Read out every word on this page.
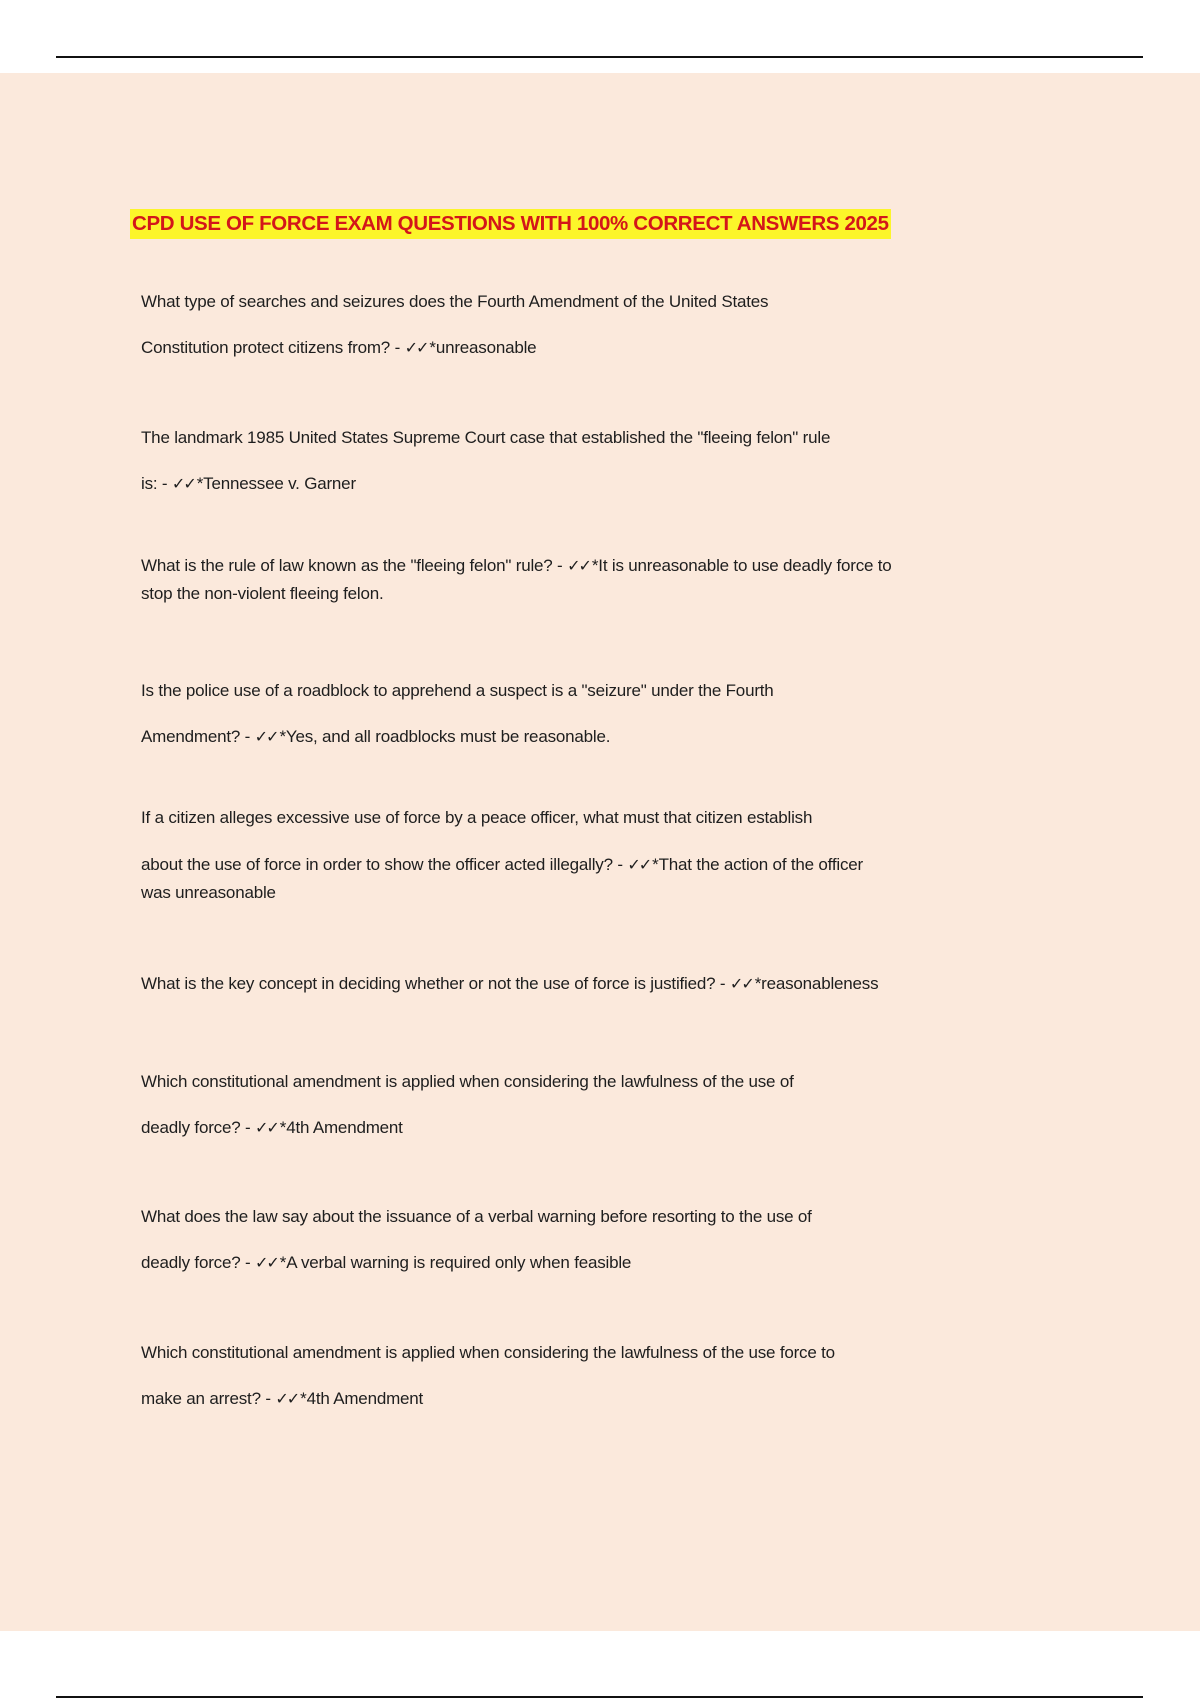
CPD USE OF FORCE EXAM QUESTIONS WITH 100% CORRECT ANSWERS 2025
What type of searches and seizures does the Fourth Amendment of the United States
Constitution protect citizens from? - ✓✓ *unreasonable
The landmark 1985 United States Supreme Court case that established the "fleeing felon" rule
is: - ✓✓ *Tennessee v. Garner
What is the rule of law known as the "fleeing felon" rule? - ✓✓ *It is unreasonable to use deadly force to
stop the non-violent fleeing felon.
Is the police use of a roadblock to apprehend a suspect is a "seizure" under the Fourth
Amendment? - ✓✓ *Yes, and all roadblocks must be reasonable.
If a citizen alleges excessive use of force by a peace officer, what must that citizen establish
about the use of force in order to show the officer acted illegally? - ✓✓ *That the action of the officer
was unreasonable
What is the key concept in deciding whether or not the use of force is justified? - ✓✓ *reasonableness
Which constitutional amendment is applied when considering the lawfulness of the use of
deadly force? - ✓✓ *4th Amendment
What does the law say about the issuance of a verbal warning before resorting to the use of
deadly force? - ✓✓ *A verbal warning is required only when feasible
Which constitutional amendment is applied when considering the lawfulness of the use force to
make an arrest? - ✓✓ *4th Amendment
